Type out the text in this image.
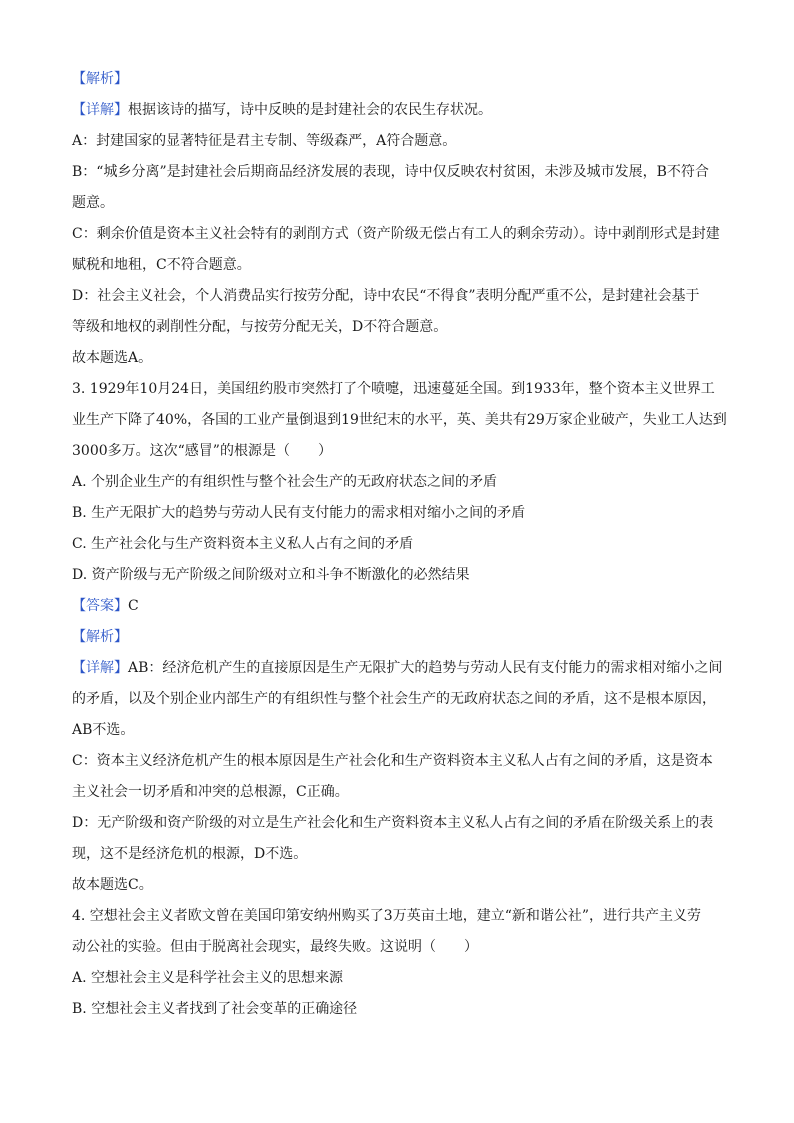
【解析】

【详解】根据该诗的描写，诗中反映的是封建社会的农民生存状况。

A：封建国家的显著特征是君主专制、等级森严，A符合题意。

B：“城乡分离”是封建社会后期商品经济发展的表现，诗中仅反映农村贫困，未涉及城市发展，B不符合

题意。

C：剩余价值是资本主义社会特有的剥削方式（资产阶级无偿占有工人的剩余劳动）。诗中剥削形式是封建

赋税和地租，C不符合题意。

D：社会主义社会，个人消费品实行按劳分配，诗中农民“不得食”表明分配严重不公，是封建社会基于

等级和地权的剥削性分配，与按劳分配无关，D不符合题意。

故本题选A。

3. 1929年10月24日，美国纽约股市突然打了个喷嚏，迅速蔓延全国。到1933年，整个资本主义世界工

业生产下降了40%，各国的工业产量倒退到19世纪末的水平，英、美共有29万家企业破产，失业工人达到

3000多万。这次“感冒”的根源是（　　）

A. 个别企业生产的有组织性与整个社会生产的无政府状态之间的矛盾

B. 生产无限扩大的趋势与劳动人民有支付能力的需求相对缩小之间的矛盾

C. 生产社会化与生产资料资本主义私人占有之间的矛盾

D. 资产阶级与无产阶级之间阶级对立和斗争不断激化的必然结果

【答案】C

【解析】

【详解】AB：经济危机产生的直接原因是生产无限扩大的趋势与劳动人民有支付能力的需求相对缩小之间

的矛盾，以及个别企业内部生产的有组织性与整个社会生产的无政府状态之间的矛盾，这不是根本原因，

AB不选。

C：资本主义经济危机产生的根本原因是生产社会化和生产资料资本主义私人占有之间的矛盾，这是资本

主义社会一切矛盾和冲突的总根源，C正确。

D：无产阶级和资产阶级的对立是生产社会化和生产资料资本主义私人占有之间的矛盾在阶级关系上的表

现，这不是经济危机的根源，D不选。

故本题选C。

4. 空想社会主义者欧文曾在美国印第安纳州购买了3万英亩土地，建立“新和谐公社”，进行共产主义劳

动公社的实验。但由于脱离社会现实，最终失败。这说明（　　）

A. 空想社会主义是科学社会主义的思想来源

B. 空想社会主义者找到了社会变革的正确途径
